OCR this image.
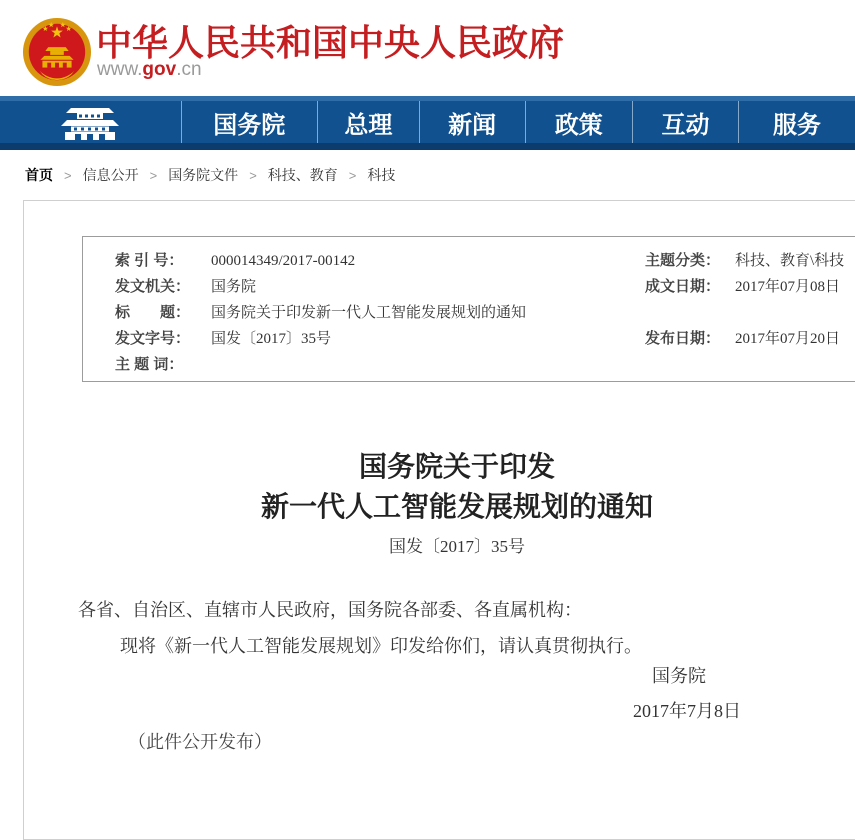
中华人民共和国中央人民政府
www.gov.cn
国务院	总理	新闻	政策	互动	服务
首页 > 信息公开 > 国务院文件 > 科技、教育 > 科技
索 引 号： 000014349/2017-00142
发文机关： 国务院
标　　题： 国务院关于印发新一代人工智能发展规划的通知
发文字号： 国发〔2017〕35号
主 题 词：
主题分类： 科技、教育\科技
成文日期： 2017年07月08日
发布日期： 2017年07月20日
国务院关于印发
新一代人工智能发展规划的通知
国发〔2017〕35号
各省、自治区、直辖市人民政府，国务院各部委、各直属机构：
现将《新一代人工智能发展规划》印发给你们，请认真贯彻执行。
国务院
2017年7月8日
（此件公开发布）
